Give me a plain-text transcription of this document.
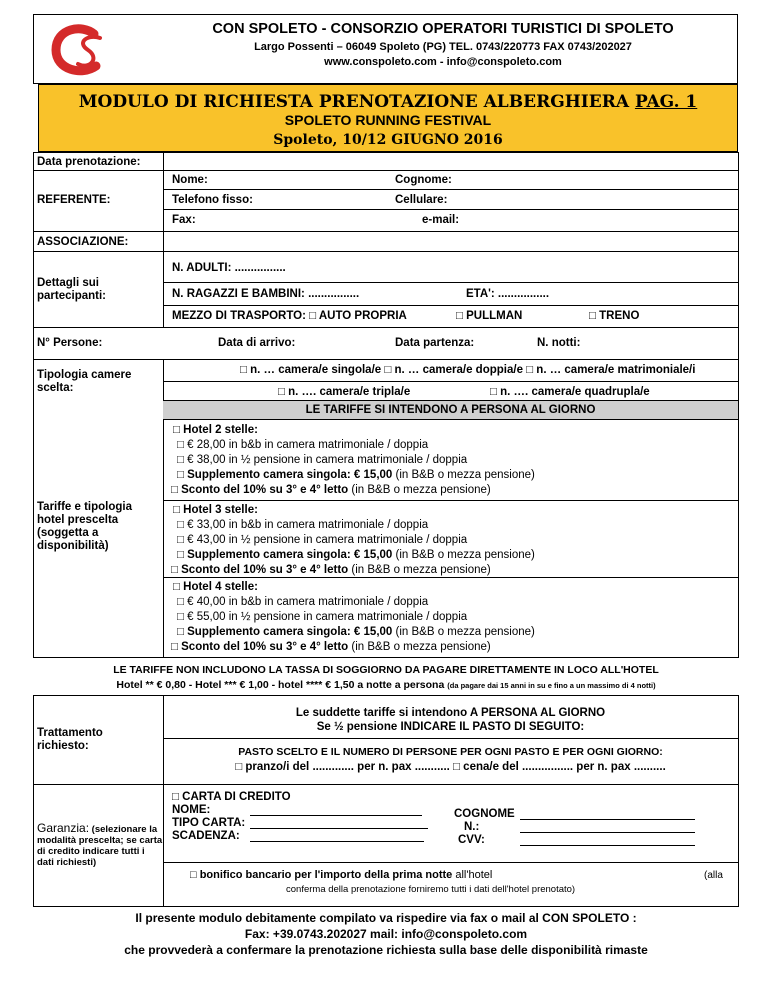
CON SPOLETO - CONSORZIO OPERATORI TURISTICI DI SPOLETO
Largo Possenti – 06049 Spoleto (PG) TEL. 0743/220773 FAX 0743/202027
www.conspoleto.com - info@conspoleto.com
MODULO DI RICHIESTA PRENOTAZIONE ALBERGHIERA PAG. 1
SPOLETO RUNNING FESTIVAL
Spoleto, 10/12 GIUGNO 2016
Data prenotazione:
REFERENTE:
Nome:	Cognome:
Telefono fisso:	Cellulare:
Fax:	e-mail:
ASSOCIAZIONE:
Dettagli sui partecipanti:
N. ADULTI: ................
N. RAGAZZI E BAMBINI: ................	ETA': ................
MEZZO DI TRASPORTO: □ AUTO PROPRIA	□ PULLMAN	□ TRENO
N° Persone:	Data di arrivo:	Data partenza:	N. notti:
Tipologia camere scelta:
□ n. … camera/e singola/e □ n. … camera/e doppia/e □ n. … camera/e matrimoniale/i
□ n. …. camera/e tripla/e	□ n. …. camera/e quadrupla/e
LE TARIFFE SI INTENDONO A PERSONA AL GIORNO
Tariffe e tipologia hotel prescelta (soggetta a disponibilità)
□ Hotel 2 stelle:
□ € 28,00 in b&b in camera matrimoniale / doppia
□ € 38,00 in ½ pensione in camera matrimoniale / doppia
□ Supplemento camera singola: € 15,00 (in B&B o mezza pensione)
□ Sconto del 10% su 3° e 4° letto (in B&B o mezza pensione)
□ Hotel 3 stelle:
□ € 33,00 in b&b in camera matrimoniale / doppia
□ € 43,00 in ½ pensione in camera matrimoniale / doppia
□ Supplemento camera singola: € 15,00 (in B&B o mezza pensione)
□ Sconto del 10% su 3° e 4° letto (in B&B o mezza pensione)
□ Hotel 4 stelle:
□ € 40,00 in b&b in camera matrimoniale / doppia
□ € 55,00 in ½ pensione in camera matrimoniale / doppia
□ Supplemento camera singola: € 15,00 (in B&B o mezza pensione)
□ Sconto del 10% su 3° e 4° letto (in B&B o mezza pensione)
LE TARIFFE NON INCLUDONO LA TASSA DI SOGGIORNO DA PAGARE DIRETTAMENTE IN LOCO ALL'HOTEL
Hotel ** € 0,80 - Hotel *** € 1,00 - hotel **** € 1,50 a notte a persona (da pagare dai 15 anni in su e fino a un massimo di 4 notti)
Trattamento richiesto:
Le suddette tariffe si intendono A PERSONA AL GIORNO
Se ½ pensione INDICARE IL PASTO DI SEGUITO:
PASTO SCELTO E IL NUMERO DI PERSONE PER OGNI PASTO E PER OGNI GIORNO:
□ pranzo/i del ............. per n. pax ........... □ cena/e del ................ per n. pax ..........
Garanzia: (selezionare la modalità prescelta; se carta di credito indicare tutti i dati richiesti)
□ CARTA DI CREDITO
NOME:
TIPO CARTA:
SCADENZA:
COGNOME
N.:
CVV:
□ bonifico bancario per l'importo della prima notte all'hotel	(alla
conferma della prenotazione forniremo tutti i dati dell'hotel prenotato)
Il presente modulo debitamente compilato va rispedire via fax o mail al CON SPOLETO :
Fax: +39.0743.202027 mail: info@conspoleto.com
che provvederà a confermare la prenotazione richiesta sulla base delle disponibilità rimaste
